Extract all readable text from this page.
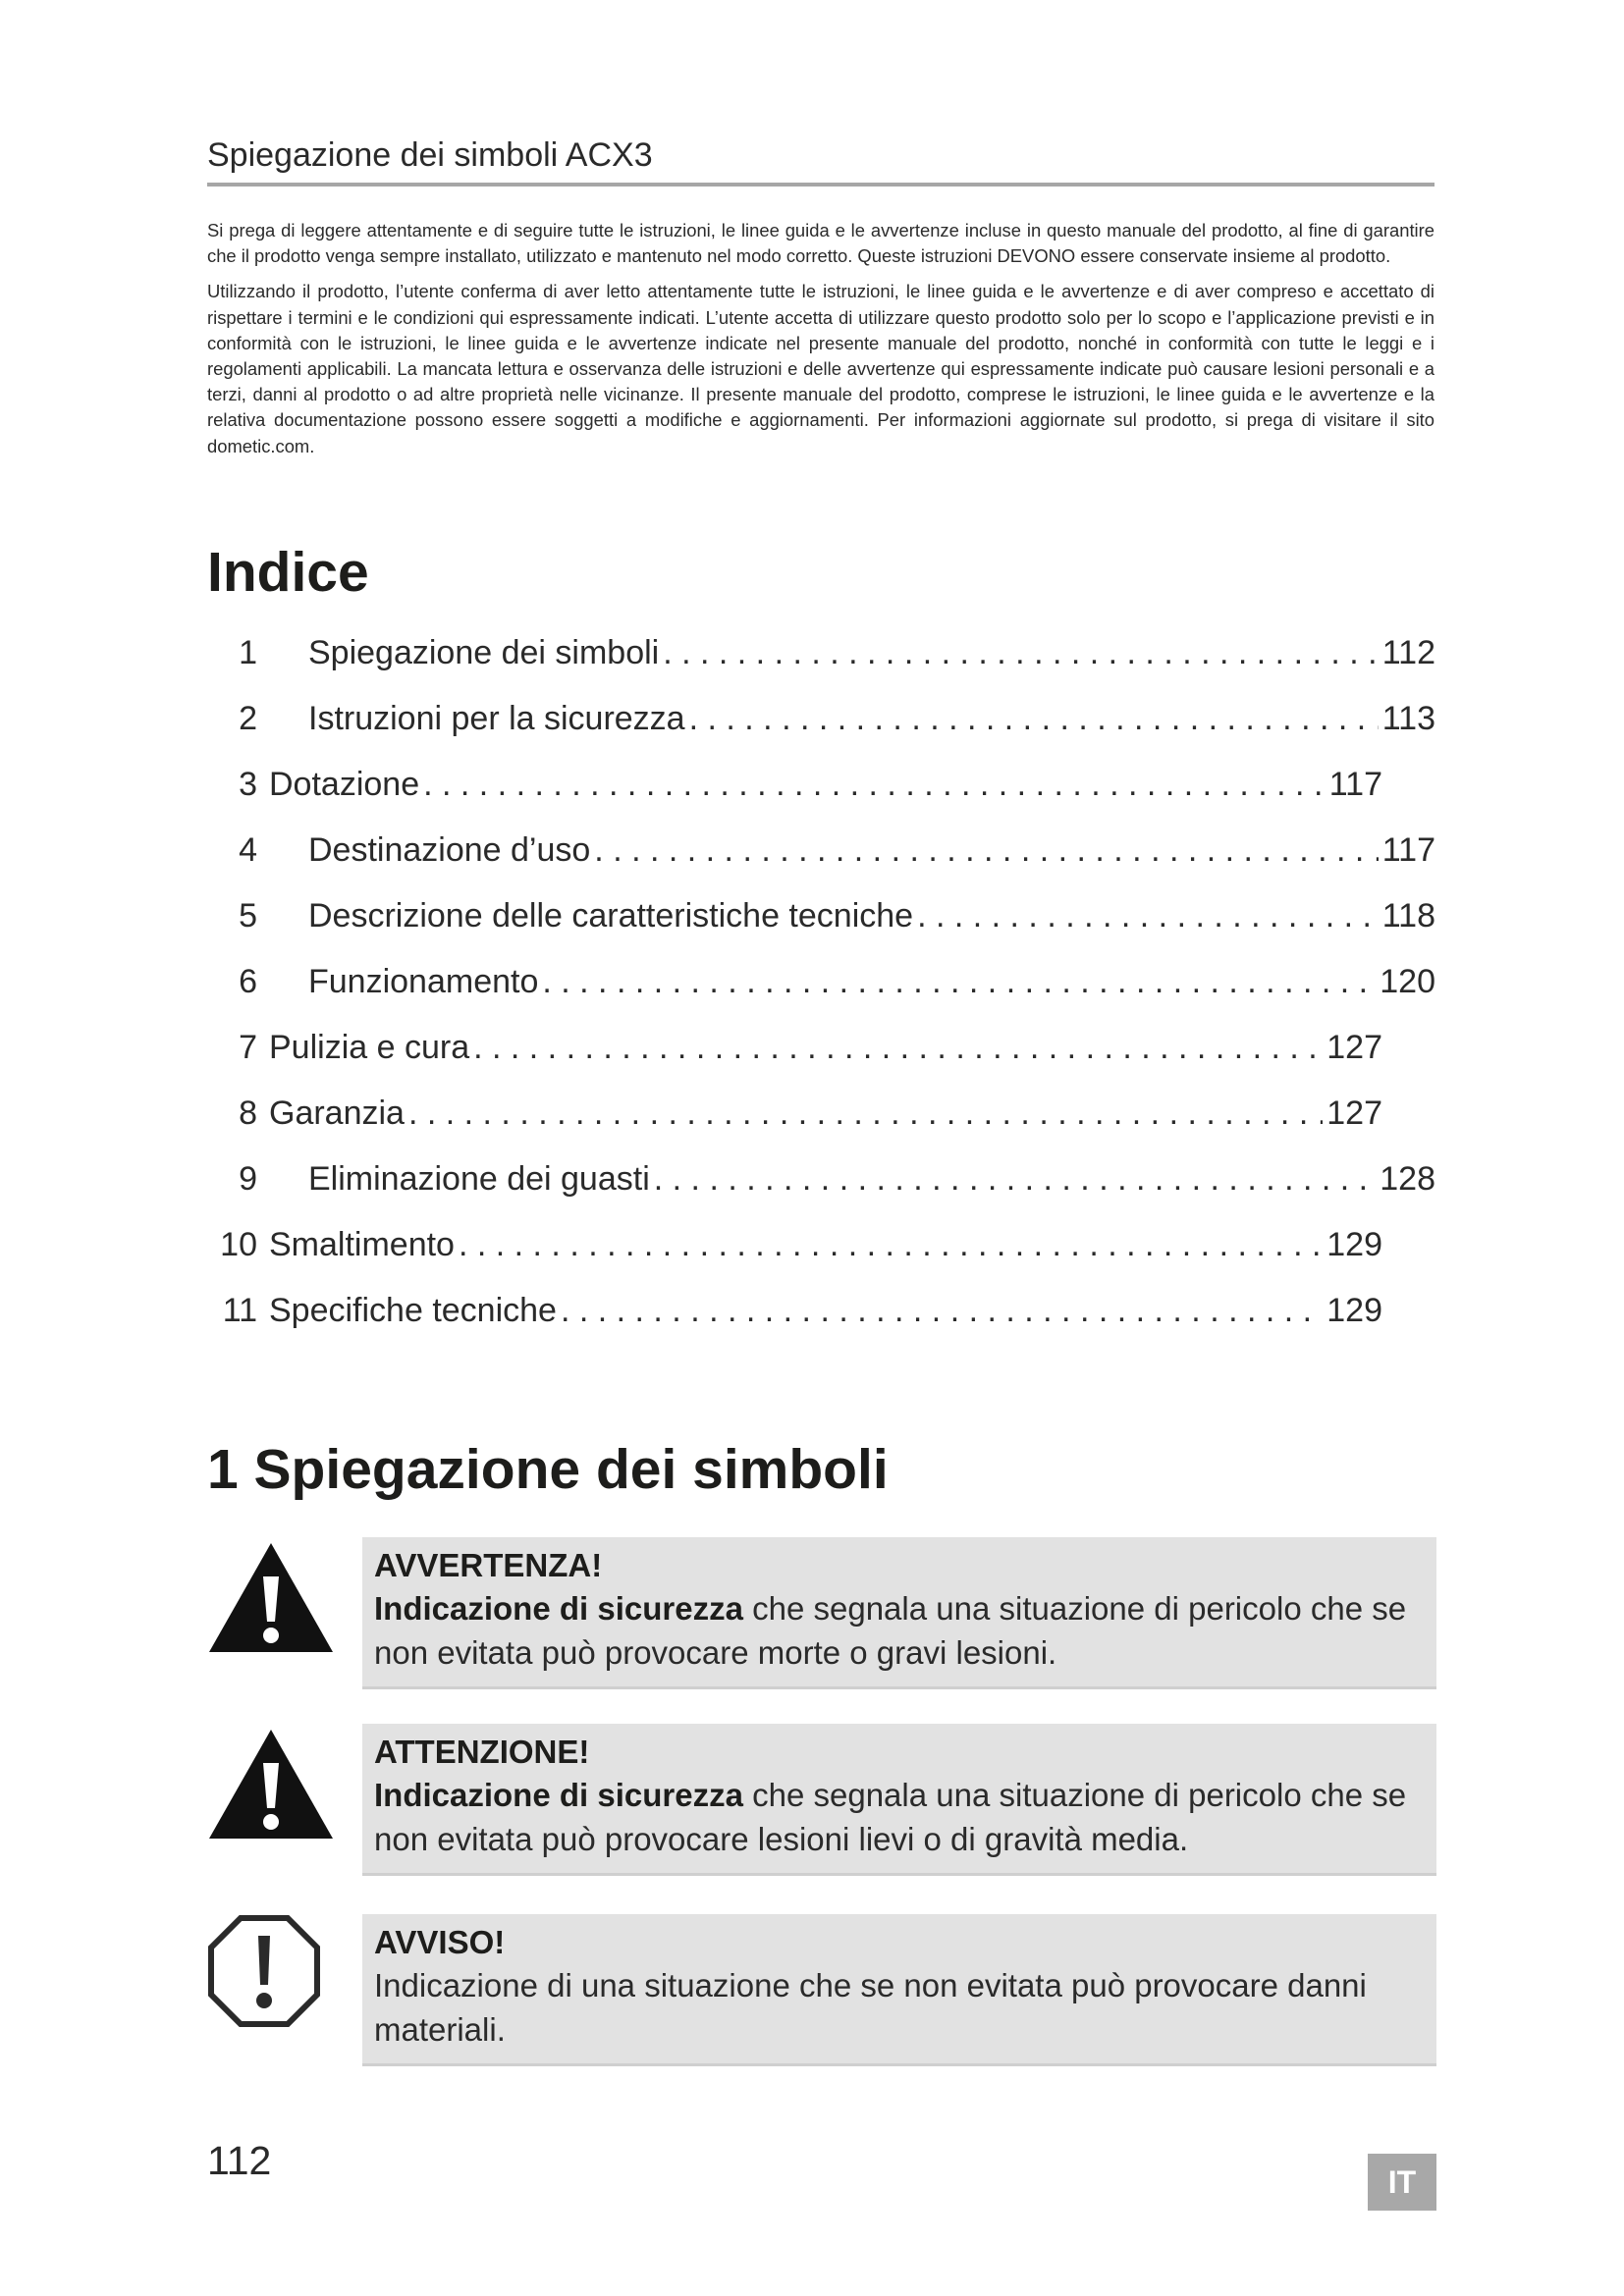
Spiegazione dei simboli ACX3

Si prega di leggere attentamente e di seguire tutte le istruzioni, le linee guida e le avvertenze incluse in questo manuale del prodotto, al fine di garantire che il prodotto venga sempre installato, utilizzato e mantenuto nel modo corretto. Queste istruzioni DEVONO essere conservate insieme al prodotto.

Utilizzando il prodotto, l’utente conferma di aver letto attentamente tutte le istruzioni, le linee guida e le avvertenze e di aver compreso e accettato di rispettare i termini e le condizioni qui espressamente indicati. L’utente accetta di utilizzare questo prodotto solo per lo scopo e l’applicazione previsti e in conformità con le istruzioni, le linee guida e le avvertenze indicate nel presente manuale del prodotto, nonché in conformità con tutte le leggi e i regolamenti applicabili. La mancata lettura e osservanza delle istruzioni e delle avvertenze qui espressamente indicate può causare lesioni personali e a terzi, danni al prodotto o ad altre proprietà nelle vicinanze. Il presente manuale del prodotto, comprese le istruzioni, le linee guida e le avvertenze e la relativa documentazione possono essere soggetti a modifiche e aggiornamenti. Per informazioni aggiornate sul prodotto, si prega di visitare il sito dometic.com.

Indice
1 Spiegazione dei simboli . . .	112
2 Istruzioni per la sicurezza . . .	113
3 Dotazione . . .	117
4 Destinazione d’uso . . .	117
5 Descrizione delle caratteristiche tecniche . . .	118
6 Funzionamento . . .	120
7 Pulizia e cura . . .	127
8 Garanzia . . .	127
9 Eliminazione dei guasti . . .	128
10 Smaltimento . . .	129
11 Specifiche tecniche . . .	129
1 Spiegazione dei simboli
AVVERTENZA!
Indicazione di sicurezza che segnala una situazione di pericolo che se non evitata può provocare morte o gravi lesioni.
ATTENZIONE!
Indicazione di sicurezza che segnala una situazione di pericolo che se non evitata può provocare lesioni lievi o di gravità media.
AVVISO!
Indicazione di una situazione che se non evitata può provocare danni materiali.
112	IT
